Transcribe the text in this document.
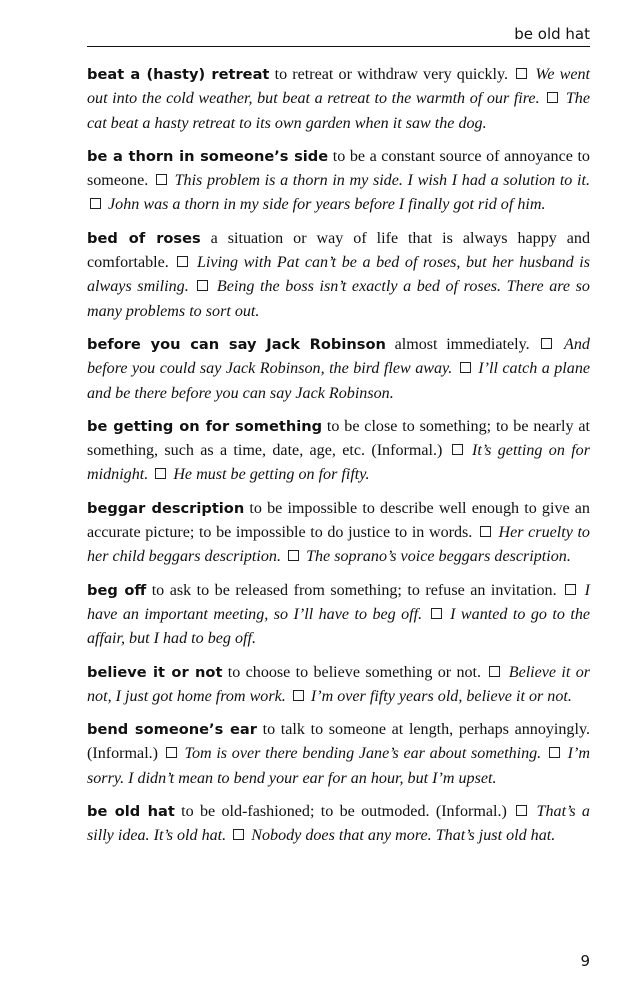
be old hat

beat a (hasty) retreat to retreat or withdraw very quickly. We went out into the cold weather, but beat a retreat to the warmth of our fire. The cat beat a hasty retreat to its own garden when it saw the dog.

be a thorn in someone’s side to be a constant source of annoyance to someone. This problem is a thorn in my side. I wish I had a solution to it.  John was a thorn in my side for years before I finally got rid of him.

bed of roses a situation or way of life that is always happy and comfortable. Living with Pat can’t be a bed of roses, but her husband is always smiling. Being the boss isn’t exactly a bed of roses. There are so many problems to sort out.

before you can say Jack Robinson almost immediately. And before you could say Jack Robinson, the bird flew away. I’ll catch a plane and be there before you can say Jack Robinson.

be getting on for something to be close to something; to be nearly at something, such as a time, date, age, etc. (Informal.) It’s getting on for midnight. He must be getting on for fifty.

beggar description to be impossible to describe well enough to give an accurate picture; to be impossible to do justice to in words. Her cruelty to her child beggars description. The soprano’s voice beggars description.

beg off to ask to be released from something; to refuse an invitation. I have an important meeting, so I’ll have to beg off. I wanted to go to the affair, but I had to beg off.

believe it or not to choose to believe something or not. Believe it or not, I just got home from work. I’m over fifty years old, believe it or not.

bend someone’s ear to talk to someone at length, perhaps annoyingly. (Informal.) Tom is over there bending Jane’s ear about something. I’m sorry. I didn’t mean to bend your ear for an hour, but I’m upset.

be old hat to be old-fashioned; to be outmoded. (Informal.) That’s a silly idea. It’s old hat. Nobody does that any more. That’s just old hat.

9
